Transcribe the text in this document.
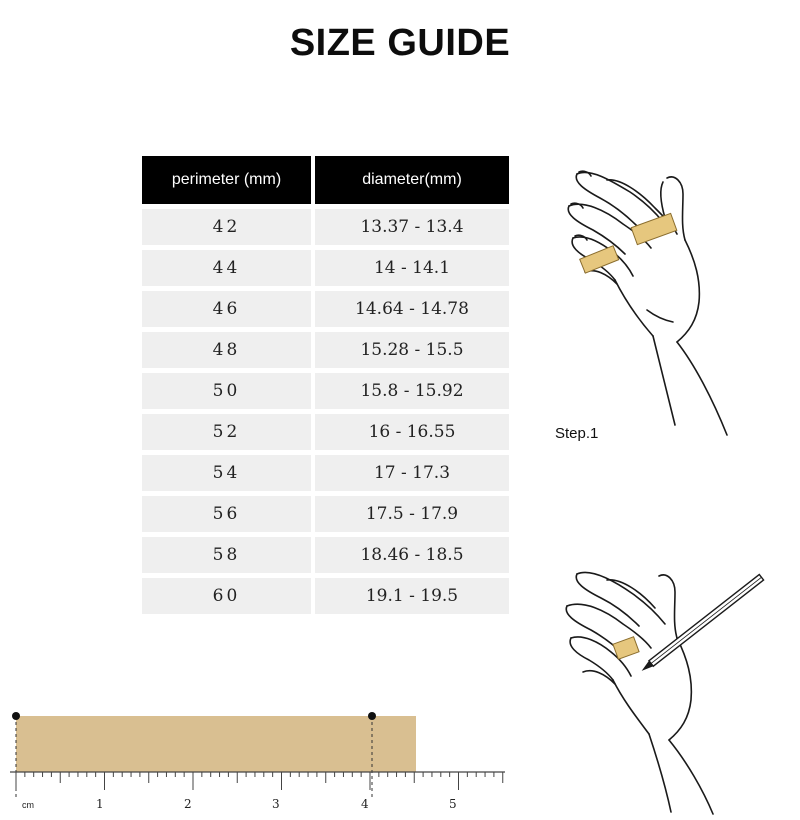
SIZE GUIDE
perimeter (mm)	diameter(mm)
42	13.37 - 13.4
44	14 - 14.1
46	14.64 - 14.78
48	15.28 - 15.5
50	15.8 - 15.92
52	16 - 16.55
54	17 - 17.3
56	17.5 - 17.9
58	18.46 - 18.5
60	19.1 - 19.5
Step.1
cm	1	2	3	4	5
